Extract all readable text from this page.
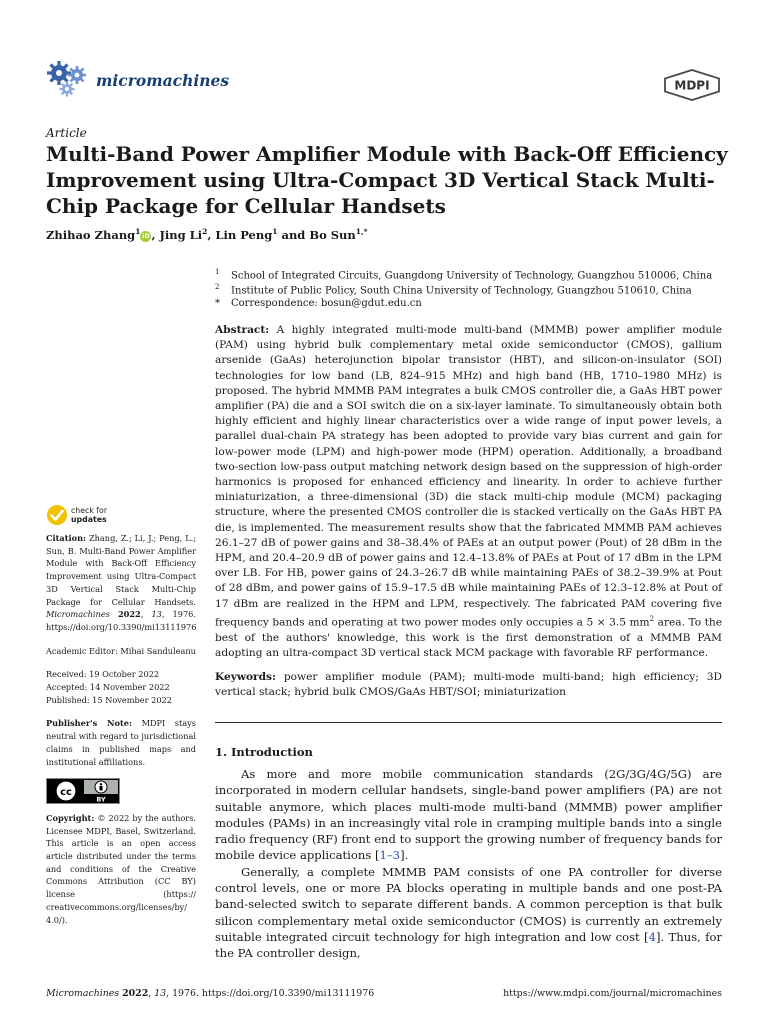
micromachines	MDPI
Article
Multi-Band Power Amplifier Module with Back-Off Efficiency Improvement using Ultra-Compact 3D Vertical Stack Multi-Chip Package for Cellular Handsets
Zhihao Zhang$^1$ iD , Jing Li$^2$, Lin Peng$^1$ and Bo Sun$^{1,*}$
$^1$ School of Integrated Circuits, Guangdong University of Technology, Guangzhou 510006, China
$^2$ Institute of Public Policy, South China University of Technology, Guangzhou 510610, China
* Correspondence: bosun@gdut.edu.cn

Abstract: A highly integrated multi-mode multi-band (MMMB) power amplifier module (PAM) using hybrid bulk complementary metal oxide semiconductor (CMOS), gallium arsenide (GaAs) heterojunction bipolar transistor (HBT), and silicon-on-insulator (SOI) technologies for low band (LB, 824–915 MHz) and high band (HB, 1710–1980 MHz) is proposed. The hybrid MMMB PAM integrates a bulk CMOS controller die, a GaAs HBT power amplifier (PA) die and a SOI switch die on a six-layer laminate. To simultaneously obtain both highly efficient and highly linear characteristics over a wide range of input power levels, a parallel dual-chain PA strategy has been adopted to provide vary bias current and gain for low-power mode (LPM) and high-power mode (HPM) operation. Additionally, a broadband two-section low-pass output matching network design based on the suppression of high-order harmonics is proposed for enhanced efficiency and linearity. In order to achieve further miniaturization, a three-dimensional (3D) die stack multi-chip module (MCM) packaging structure, where the presented CMOS controller die is stacked vertically on the GaAs HBT PA die, is implemented. The measurement results show that the fabricated MMMB PAM achieves 26.1–27 dB of power gains and 38–38.4% of PAEs at an output power (Pout) of 28 dBm in the HPM, and 20.4–20.9 dB of power gains and 12.4–13.8% of PAEs at Pout of 17 dBm in the LPM over LB. For HB, power gains of 24.3–26.7 dB while maintaining PAEs of 38.2–39.9% at Pout of 28 dBm, and power gains of 15.9–17.5 dB while maintaining PAEs of 12.3–12.8% at Pout of 17 dBm are realized in the HPM and LPM, respectively. The fabricated PAM covering five frequency bands and operating at two power modes only occupies a 5 × 3.5 $mm^2$ area. To the best of the authors' knowledge, this work is the first demonstration of a MMMB PAM adopting an ultra-compact 3D vertical stack MCM package with favorable RF performance.

Keywords: power amplifier module (PAM); multi-mode multi-band; high efficiency; 3D vertical stack; hybrid bulk CMOS/GaAs HBT/SOI; miniaturization

1. Introduction

As more and more mobile communication standards (2G/3G/4G/5G) are incorporated in modern cellular handsets, single-band power amplifiers (PA) are not suitable anymore, which places multi-mode multi-band (MMMB) power amplifier modules (PAMs) in an increasingly vital role in cramping multiple bands into a single radio frequency (RF) front end to support the growing number of frequency bands for mobile device applications [1–3].

Generally, a complete MMMB PAM consists of one PA controller for diverse control levels, one or more PA blocks operating in multiple bands and one post-PA band-selected switch to separate different bands. A common perception is that bulk silicon complementary metal oxide semiconductor (CMOS) is currently an extremely suitable integrated circuit technology for high integration and low cost [4]. Thus, for the PA controller design,

check for
updates

Citation: Zhang, Z.; Li, J.; Peng, L.; Sun, B. Multi-Band Power Amplifier Module with Back-Off Efficiency Improvement using Ultra-Compact 3D Vertical Stack Multi-Chip Package for Cellular Handsets. Micromachines 2022, 13, 1976. https://doi.org/10.3390/mi13111976

Academic Editor: Mihai Sanduleanu

Received: 19 October 2022

Accepted: 14 November 2022

Published: 15 November 2022

Publisher's Note: MDPI stays neutral with regard to jurisdictional claims in published maps and institutional affiliations.

cc
BY

Copyright: © 2022 by the authors. Licensee MDPI, Basel, Switzerland. This article is an open access article distributed under the terms and conditions of the Creative Commons Attribution (CC BY) license (https:// creativecommons.org/licenses/by/ 4.0/).

Micromachines 2022, 13, 1976. https://doi.org/10.3390/mi13111976	https://www.mdpi.com/journal/micromachines
